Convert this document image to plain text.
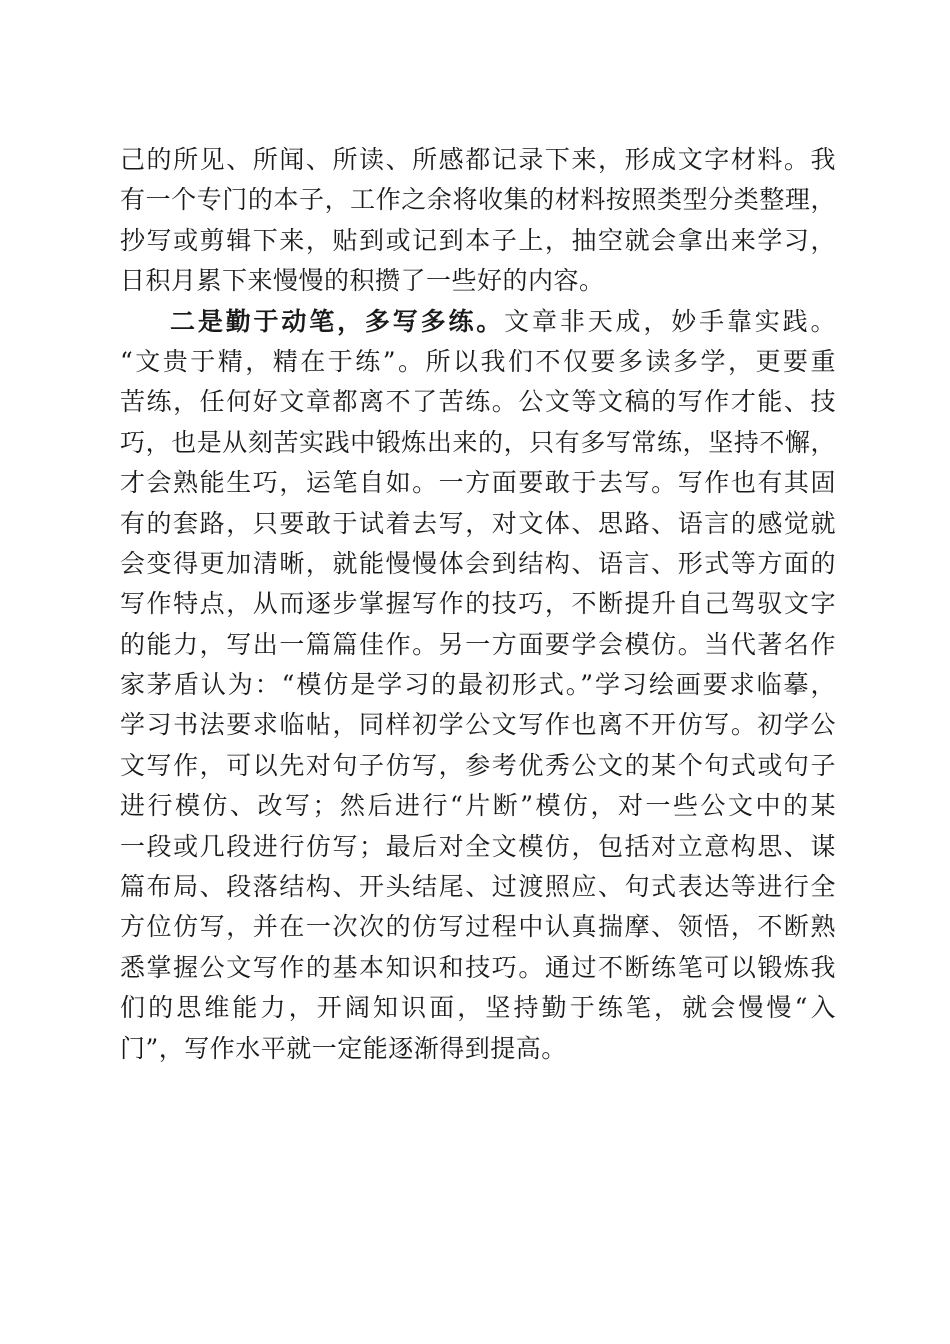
己的所见、所闻、所读、所感都记录下来，形成文字材料。我
有一个专门的本子，工作之余将收集的材料按照类型分类整理，
抄写或剪辑下来，贴到或记到本子上，抽空就会拿出来学习，
日积月累下来慢慢的积攒了一些好的内容。
二是勤于动笔，多写多练。文章非天成，妙手靠实践。
“文贵于精，精在于练”。所以我们不仅要多读多学，更要重
苦练，任何好文章都离不了苦练。公文等文稿的写作才能、技
巧，也是从刻苦实践中锻炼出来的，只有多写常练，坚持不懈，
才会熟能生巧，运笔自如。一方面要敢于去写。写作也有其固
有的套路，只要敢于试着去写，对文体、思路、语言的感觉就
会变得更加清晰，就能慢慢体会到结构、语言、形式等方面的
写作特点，从而逐步掌握写作的技巧，不断提升自己驾驭文字
的能力，写出一篇篇佳作。另一方面要学会模仿。当代著名作
家茅盾认为：“模仿是学习的最初形式。”学习绘画要求临摹，
学习书法要求临帖，同样初学公文写作也离不开仿写。初学公
文写作，可以先对句子仿写，参考优秀公文的某个句式或句子
进行模仿、改写；然后进行“片断”模仿，对一些公文中的某
一段或几段进行仿写；最后对全文模仿，包括对立意构思、谋
篇布局、段落结构、开头结尾、过渡照应、句式表达等进行全
方位仿写，并在一次次的仿写过程中认真揣摩、领悟，不断熟
悉掌握公文写作的基本知识和技巧。通过不断练笔可以锻炼我
们的思维能力，开阔知识面，坚持勤于练笔，就会慢慢“入
门”，写作水平就一定能逐渐得到提高。
